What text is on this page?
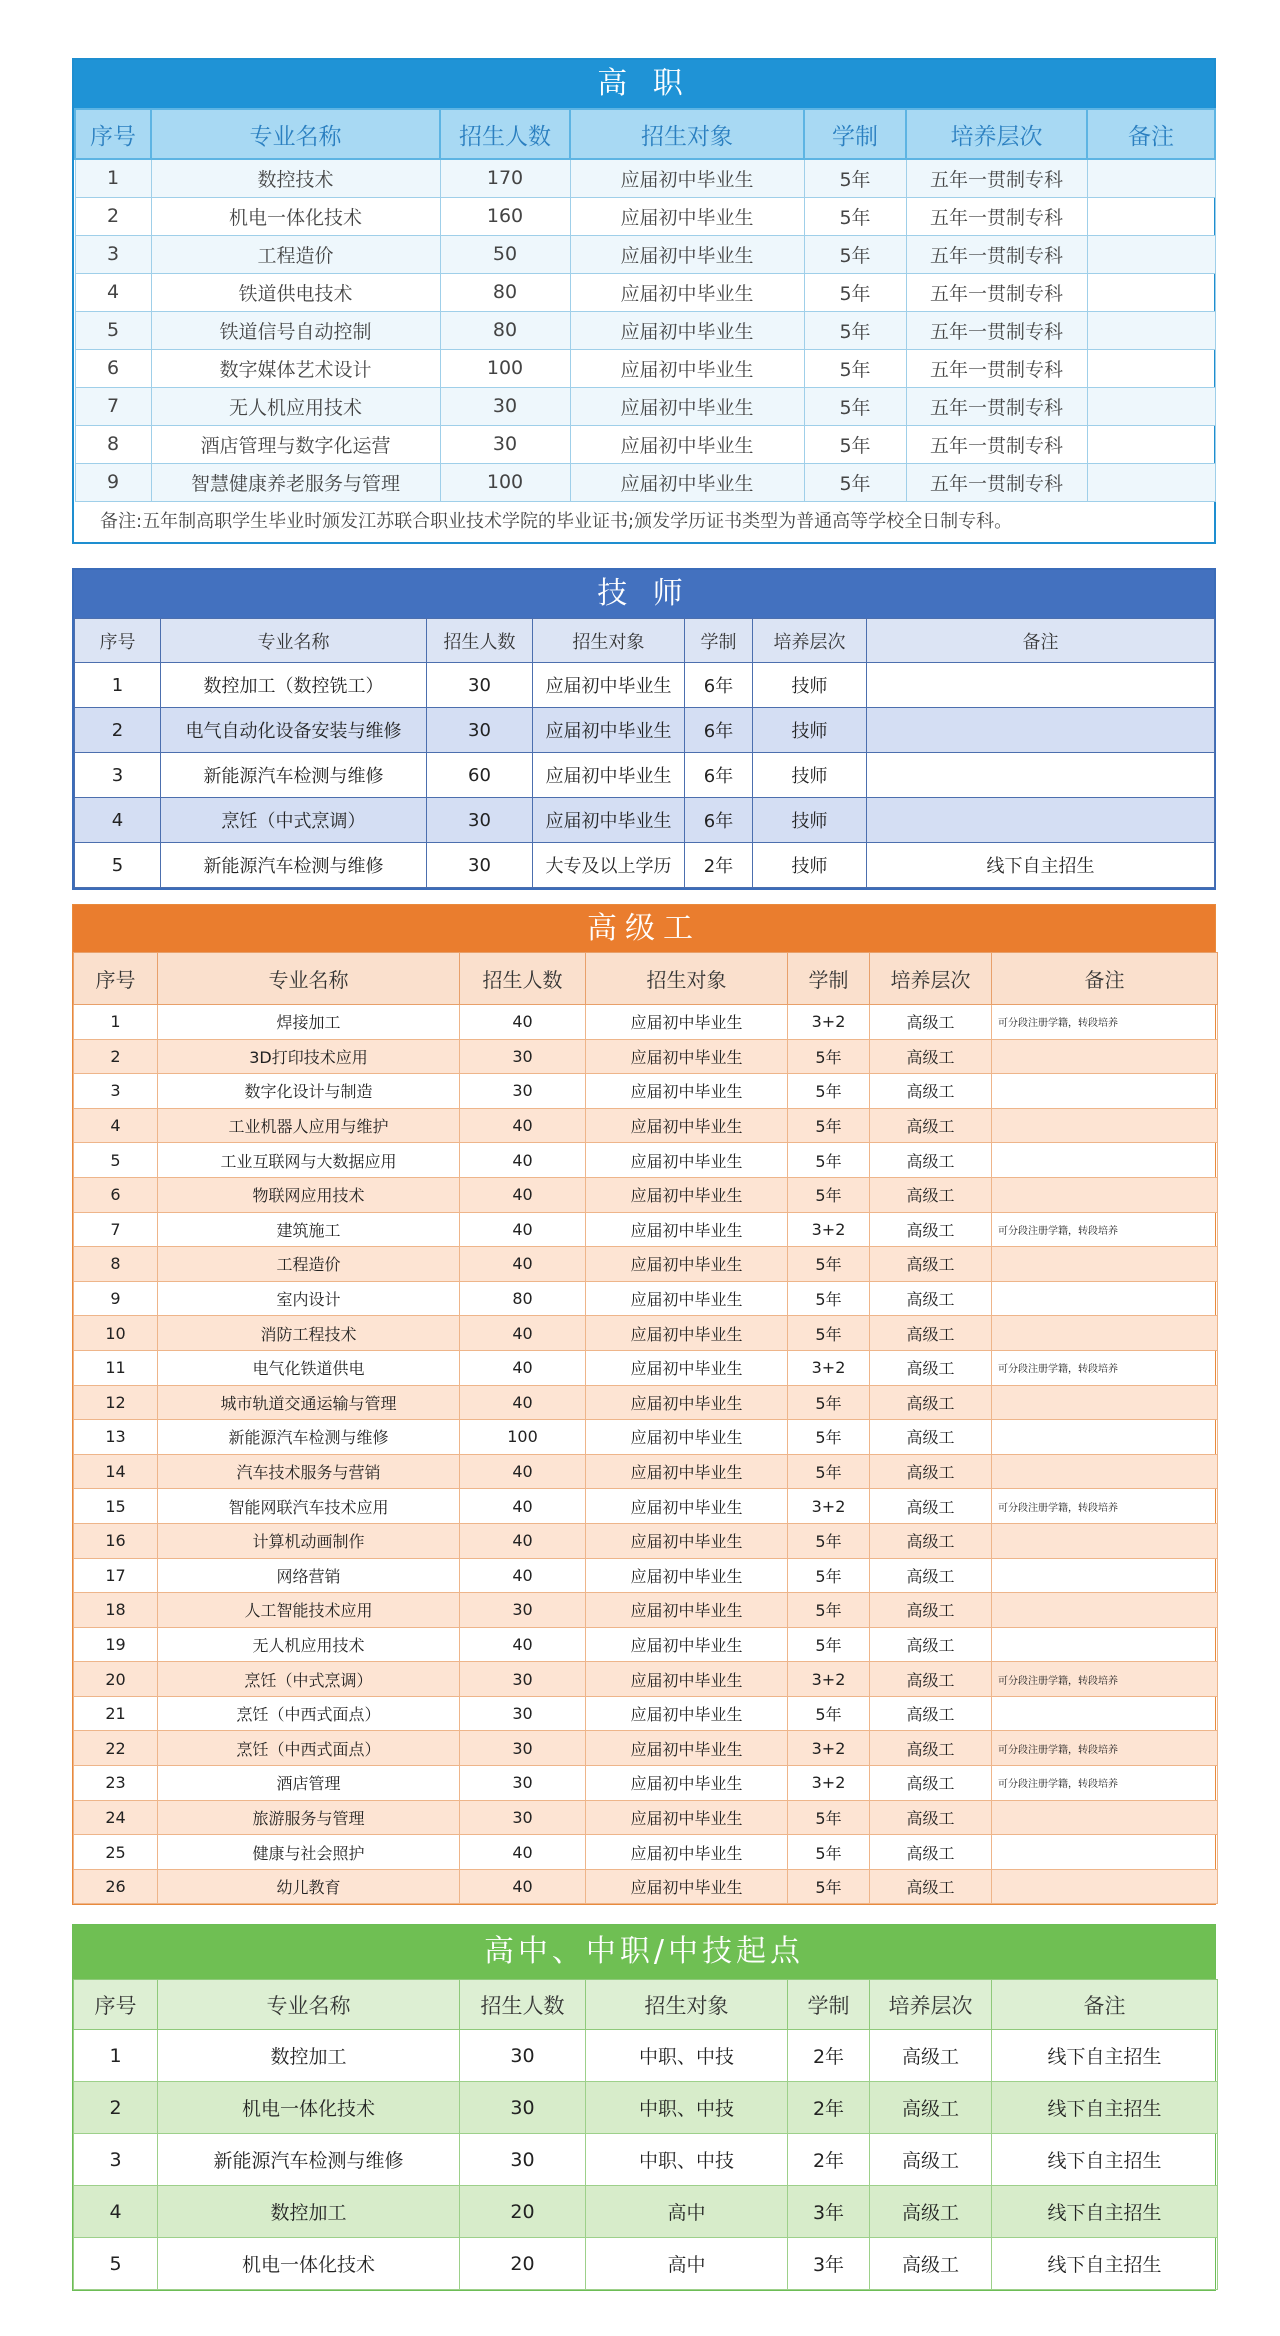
高 职
序号	专业名称	招生人数	招生对象	学制	培养层次	备注
1	数控技术	170	应届初中毕业生	5年	五年一贯制专科	
2	机电一体化技术	160	应届初中毕业生	5年	五年一贯制专科	
3	工程造价	50	应届初中毕业生	5年	五年一贯制专科	
4	铁道供电技术	80	应届初中毕业生	5年	五年一贯制专科	
5	铁道信号自动控制	80	应届初中毕业生	5年	五年一贯制专科	
6	数字媒体艺术设计	100	应届初中毕业生	5年	五年一贯制专科	
7	无人机应用技术	30	应届初中毕业生	5年	五年一贯制专科	
8	酒店管理与数字化运营	30	应届初中毕业生	5年	五年一贯制专科	
9	智慧健康养老服务与管理	100	应届初中毕业生	5年	五年一贯制专科	
备注:五年制高职学生毕业时颁发江苏联合职业技术学院的毕业证书;颁发学历证书类型为普通高等学校全日制专科。
技 师
序号	专业名称	招生人数	招生对象	学制	培养层次	备注
1	数控加工（数控铣工）	30	应届初中毕业生	6年	技师	
2	电气自动化设备安装与维修	30	应届初中毕业生	6年	技师	
3	新能源汽车检测与维修	60	应届初中毕业生	6年	技师	
4	烹饪（中式烹调）	30	应届初中毕业生	6年	技师	
5	新能源汽车检测与维修	30	大专及以上学历	2年	技师	线下自主招生
高级工
序号	专业名称	招生人数	招生对象	学制	培养层次	备注
1	焊接加工	40	应届初中毕业生	3+2	高级工	可分段注册学籍，转段培养
2	3D打印技术应用	30	应届初中毕业生	5年	高级工	
3	数字化设计与制造	30	应届初中毕业生	5年	高级工	
4	工业机器人应用与维护	40	应届初中毕业生	5年	高级工	
5	工业互联网与大数据应用	40	应届初中毕业生	5年	高级工	
6	物联网应用技术	40	应届初中毕业生	5年	高级工	
7	建筑施工	40	应届初中毕业生	3+2	高级工	可分段注册学籍，转段培养
8	工程造价	40	应届初中毕业生	5年	高级工	
9	室内设计	80	应届初中毕业生	5年	高级工	
10	消防工程技术	40	应届初中毕业生	5年	高级工	
11	电气化铁道供电	40	应届初中毕业生	3+2	高级工	可分段注册学籍，转段培养
12	城市轨道交通运输与管理	40	应届初中毕业生	5年	高级工	
13	新能源汽车检测与维修	100	应届初中毕业生	5年	高级工	
14	汽车技术服务与营销	40	应届初中毕业生	5年	高级工	
15	智能网联汽车技术应用	40	应届初中毕业生	3+2	高级工	可分段注册学籍，转段培养
16	计算机动画制作	40	应届初中毕业生	5年	高级工	
17	网络营销	40	应届初中毕业生	5年	高级工	
18	人工智能技术应用	30	应届初中毕业生	5年	高级工	
19	无人机应用技术	40	应届初中毕业生	5年	高级工	
20	烹饪（中式烹调）	30	应届初中毕业生	3+2	高级工	可分段注册学籍，转段培养
21	烹饪（中西式面点）	30	应届初中毕业生	5年	高级工	
22	烹饪（中西式面点）	30	应届初中毕业生	3+2	高级工	可分段注册学籍，转段培养
23	酒店管理	30	应届初中毕业生	3+2	高级工	可分段注册学籍，转段培养
24	旅游服务与管理	30	应届初中毕业生	5年	高级工	
25	健康与社会照护	40	应届初中毕业生	5年	高级工	
26	幼儿教育	40	应届初中毕业生	5年	高级工	
高中、中职/中技起点
序号	专业名称	招生人数	招生对象	学制	培养层次	备注
1	数控加工	30	中职、中技	2年	高级工	线下自主招生
2	机电一体化技术	30	中职、中技	2年	高级工	线下自主招生
3	新能源汽车检测与维修	30	中职、中技	2年	高级工	线下自主招生
4	数控加工	20	高中	3年	高级工	线下自主招生
5	机电一体化技术	20	高中	3年	高级工	线下自主招生
